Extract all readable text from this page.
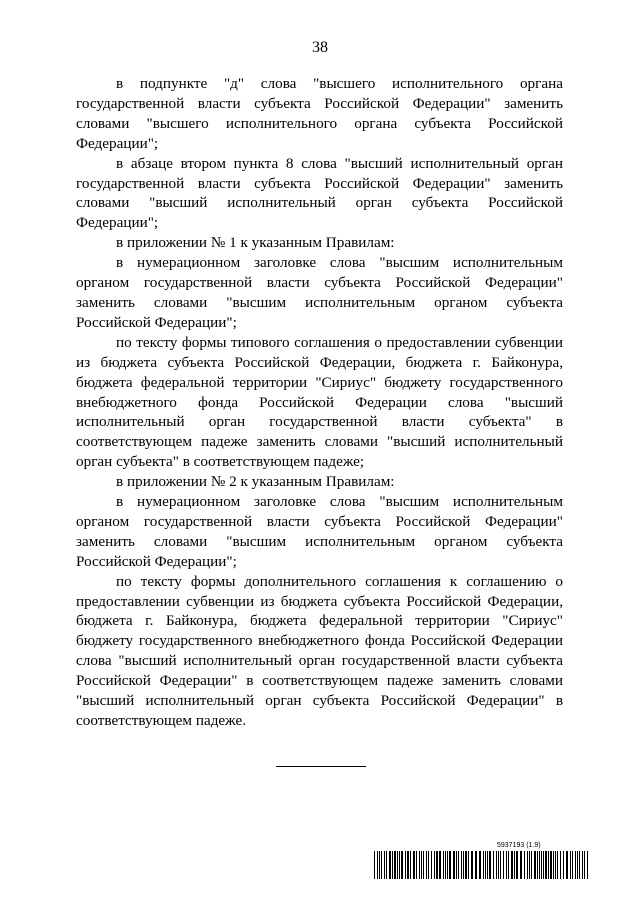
38

в подпункте "д" слова "высшего исполнительного органа государственной власти субъекта Российской Федерации" заменить словами "высшего исполнительного органа субъекта Российской Федерации";

в абзаце втором пункта 8 слова "высший исполнительный орган государственной власти субъекта Российской Федерации" заменить словами "высший исполнительный орган субъекта Российской Федерации";

в приложении № 1 к указанным Правилам:

в нумерационном заголовке слова "высшим исполнительным органом государственной власти субъекта Российской Федерации" заменить словами "высшим исполнительным органом субъекта Российской Федерации";

по тексту формы типового соглашения о предоставлении субвенции из бюджета субъекта Российской Федерации, бюджета г. Байконура, бюджета федеральной территории "Сириус" бюджету государственного внебюджетного фонда Российской Федерации слова "высший исполнительный орган государственной власти субъекта" в соответствующем падеже заменить словами "высший исполнительный орган субъекта" в соответствующем падеже;

в приложении № 2 к указанным Правилам:

в нумерационном заголовке слова "высшим исполнительным органом государственной власти субъекта Российской Федерации" заменить словами "высшим исполнительным органом субъекта Российской Федерации";

по тексту формы дополнительного соглашения к соглашению о предоставлении субвенции из бюджета субъекта Российской Федерации, бюджета г. Байконура, бюджета федеральной территории "Сириус" бюджету государственного внебюджетного фонда Российской Федерации слова "высший исполнительный орган государственной власти субъекта Российской Федерации" в соответствующем падеже заменить словами "высший исполнительный орган субъекта Российской Федерации" в соответствующем падеже.

5937193 (1.9)
